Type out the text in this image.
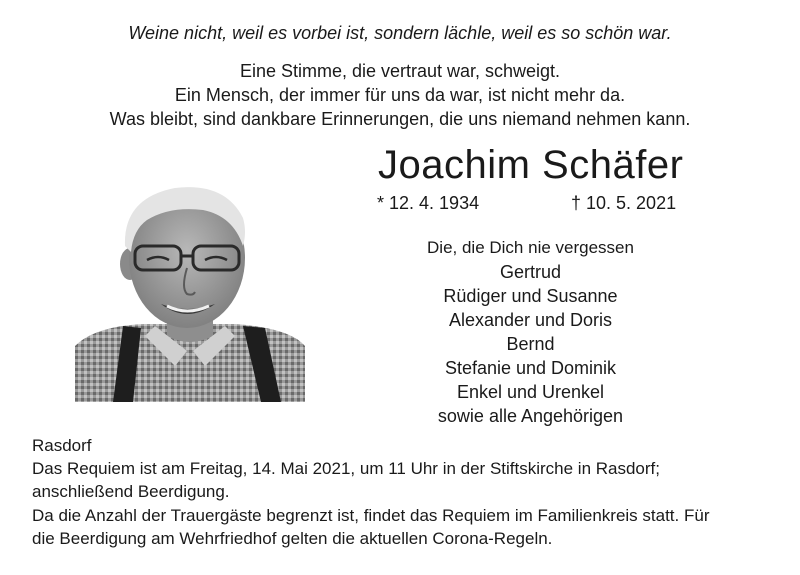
Weine nicht, weil es vorbei ist, sondern lächle, weil es so schön war.
Eine Stimme, die vertraut war, schweigt.
Ein Mensch, der immer für uns da war, ist nicht mehr da.
Was bleibt, sind dankbare Erinnerungen, die uns niemand nehmen kann.
Joachim Schäfer
* 12. 4. 1934	† 10. 5. 2021
Die, die Dich nie vergessen
Gertrud
Rüdiger und Susanne
Alexander und Doris
Bernd
Stefanie und Dominik
Enkel und Urenkel
sowie alle Angehörigen
Rasdorf
Das Requiem ist am Freitag, 14. Mai 2021, um 11 Uhr in der Stiftskirche in Rasdorf;
anschließend Beerdigung.
Da die Anzahl der Trauergäste begrenzt ist, findet das Requiem im Familienkreis statt. Für
die Beerdigung am Wehrfriedhof gelten die aktuellen Corona-Regeln.
